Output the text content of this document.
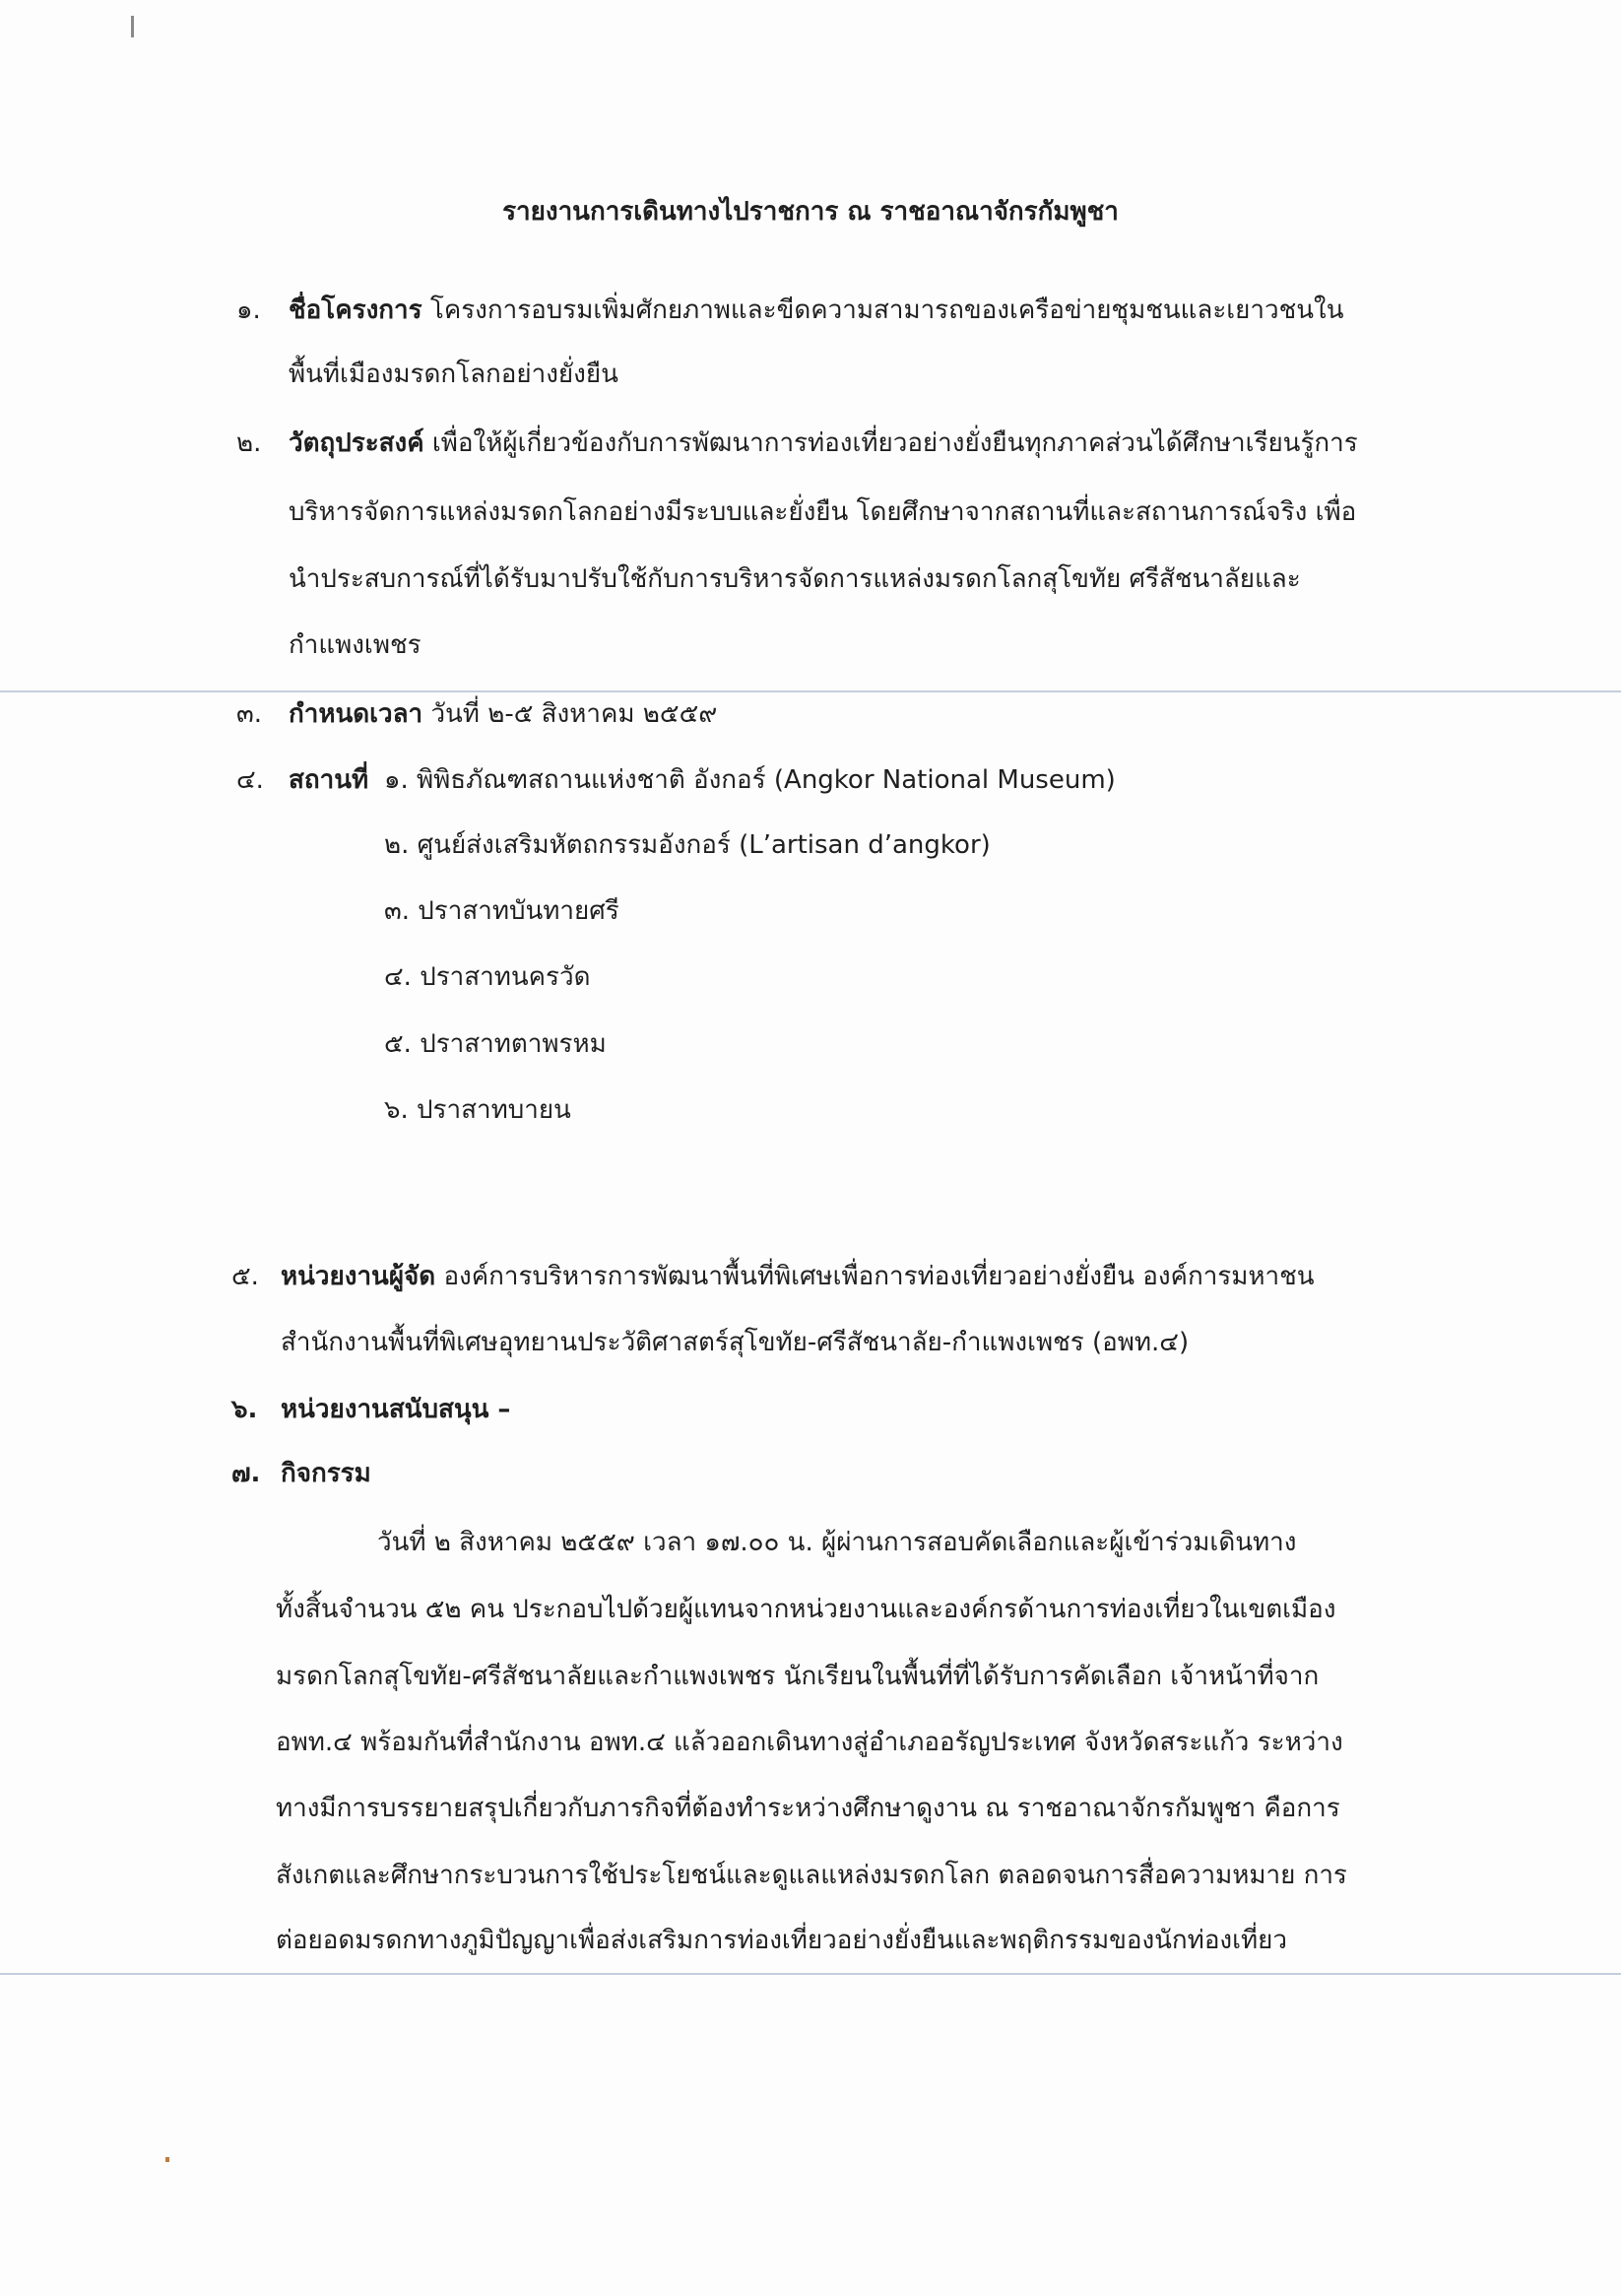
รายงานการเดินทางไปราชการ ณ ราชอาณาจักรกัมพูชา
๑. ชื่อโครงการ โครงการอบรมเพิ่มศักยภาพและขีดความสามารถของเครือข่ายชุมชนและเยาวชนใน
พื้นที่เมืองมรดกโลกอย่างยั่งยืน
๒. วัตถุประสงค์ เพื่อให้ผู้เกี่ยวข้องกับการพัฒนาการท่องเที่ยวอย่างยั่งยืนทุกภาคส่วนได้ศึกษาเรียนรู้การ
บริหารจัดการแหล่งมรดกโลกอย่างมีระบบและยั่งยืน โดยศึกษาจากสถานที่และสถานการณ์จริง เพื่อ
นำประสบการณ์ที่ได้รับมาปรับใช้กับการบริหารจัดการแหล่งมรดกโลกสุโขทัย ศรีสัชนาลัยและ
กำแพงเพชร
๓. กำหนดเวลา วันที่ ๒-๕ สิงหาคม ๒๕๕๙
๔. สถานที่ ๑. พิพิธภัณฑสถานแห่งชาติ อังกอร์ (Angkor National Museum)
๒. ศูนย์ส่งเสริมหัตถกรรมอังกอร์ (L’artisan d’angkor)
๓. ปราสาทบันทายศรี
๔. ปราสาทนครวัด
๕. ปราสาทตาพรหม
๖. ปราสาทบายน
๕. หน่วยงานผู้จัด องค์การบริหารการพัฒนาพื้นที่พิเศษเพื่อการท่องเที่ยวอย่างยั่งยืน องค์การมหาชน
สำนักงานพื้นที่พิเศษอุทยานประวัติศาสตร์สุโขทัย-ศรีสัชนาลัย-กำแพงเพชร (อพท.๔)
๖. หน่วยงานสนับสนุน –
๗. กิจกรรม
วันที่ ๒ สิงหาคม ๒๕๕๙ เวลา ๑๗.๐๐ น. ผู้ผ่านการสอบคัดเลือกและผู้เข้าร่วมเดินทาง
ทั้งสิ้นจำนวน ๕๒ คน ประกอบไปด้วยผู้แทนจากหน่วยงานและองค์กรด้านการท่องเที่ยวในเขตเมือง
มรดกโลกสุโขทัย-ศรีสัชนาลัยและกำแพงเพชร นักเรียนในพื้นที่ที่ได้รับการคัดเลือก เจ้าหน้าที่จาก
อพท.๔ พร้อมกันที่สำนักงาน อพท.๔ แล้วออกเดินทางสู่อำเภออรัญประเทศ จังหวัดสระแก้ว ระหว่าง
ทางมีการบรรยายสรุปเกี่ยวกับภารกิจที่ต้องทำระหว่างศึกษาดูงาน ณ ราชอาณาจักรกัมพูชา คือการ
สังเกตและศึกษากระบวนการใช้ประโยชน์และดูแลแหล่งมรดกโลก ตลอดจนการสื่อความหมาย การ
ต่อยอดมรดกทางภูมิปัญญาเพื่อส่งเสริมการท่องเที่ยวอย่างยั่งยืนและพฤติกรรมของนักท่องเที่ยว
